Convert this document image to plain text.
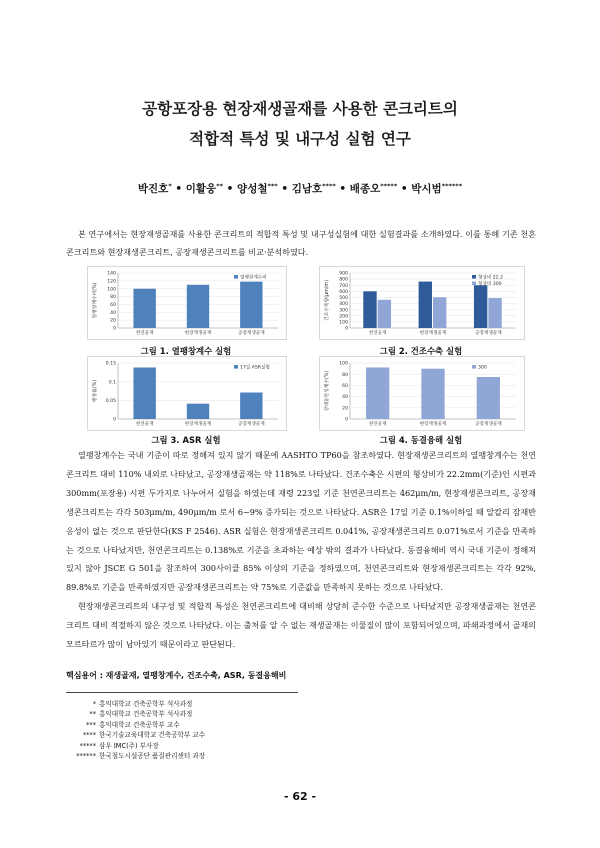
공항포장용 현장재생골재를 사용한 콘크리트의
적합적 특성 및 내구성 실험 연구
박진호* • 이활웅** • 양성철*** • 김남호**** • 배종오***** • 박시범******

본 연구에서는 현장재생골재를 사용한 콘크리트의 적합적 특성 및 내구성실험에 대한 실험결과를 소개하였다. 이를 통해 기존 천흔콘크리트와 현장재생콘크리트, 공장재생콘크리트를 비교·분석하였다.

열팽창계수비(%)
0
20
40
60
80
100
120
140
천연골재	현장재생골재	공장재생골재
열팽창계수비
그림 1. 열팽창계수 실험
건조수축량(μm/m)
0
100
200
300
400
500
600
700
800
900
천연골재	현장재생골재	공장재생골재
형상비 22.2
형상비 300
그림 2. 건조수축 실험
팽창률(%)
0
0.05
0.1
0.15
천연골재	현장재생골재	공장재생골재
17일 ASR실험
그림 3. ASR 실험
상대동탄성계수(%)
0
20
40
60
80
100
천연골재	현장재생골재	공장재생골재
300
그림 4. 동결융해 실험

열팽창계수는 국내 기준이 따로 정해져 있지 않기 때문에 AASHTO TP60을 참조하였다. 현장재생콘크리트의 열팽창계수는 천연콘크리트 대비 110% 내외로 나타났고, 공장재생골재는 약 118%로 나타났다. 건조수축은 시편의 형상비가 22.2mm(기준)인 시편과 300mm(포장용) 시편 두가지로 나누어서 실험을 하였는데 재령 223일 기준 천연콘크리트는 462μm/m, 현장재생콘크리트, 공장재생콘크리트는 각각 503μm/m, 490μm/m 로서 6~9% 증가되는 것으로 나타났다. ASR은 17일 기준 0.1%이하일 때 알칼리 잠재반응성이 없는 것으로 판단한다(KS F 2546). ASR 실험은 현장재생콘크리트 0.041%, 공장재생콘크리트 0.071%로서 기준을 만족하는 것으로 나타났지만, 천연콘크리트는 0.138%로 기준을 초과하는 예상 밖의 결과가 나타났다. 동결융해비 역시 국내 기준이 정해져있지 않아 JSCE G 501을 참조하여 300사이클 85% 이상의 기준을 정하였으며, 천연콘크리트와 현장재생콘크리트는 각각 92%, 89.8%로 기준을 만족하였지만 공장재생콘크리트는 약 75%로 기준값을 만족하지 못하는 것으로 나타났다.

현장재생콘크리트의 내구성 및 적합적 특성은 천연콘크리트에 대비해 상당히 준수한 수준으로 나타났지만 공장재생골재는 천연콘크리트 대비 적절하지 않은 것으로 나타났다. 이는 출처를 알 수 없는 재생골재는 이물질이 많이 포함되어있으며, 파쇄과정에서 골재의 모르타르가 많이 남아있기 때문이라고 판단된다.

핵심용어 : 재생골재, 열팽창계수, 건조수축, ASR, 동결융해비
* 홍익대학교 건축공학부 석사과정
** 홍익대학교 건축공학부 석사과정
*** 홍익대학교 건축공학부 교수
**** 한국기술교육대학교 건축공학부 교수
***** 삼우 IMC(주) 부사장
****** 한국철도시설공단 품질관리센터 과장
- 62 -
